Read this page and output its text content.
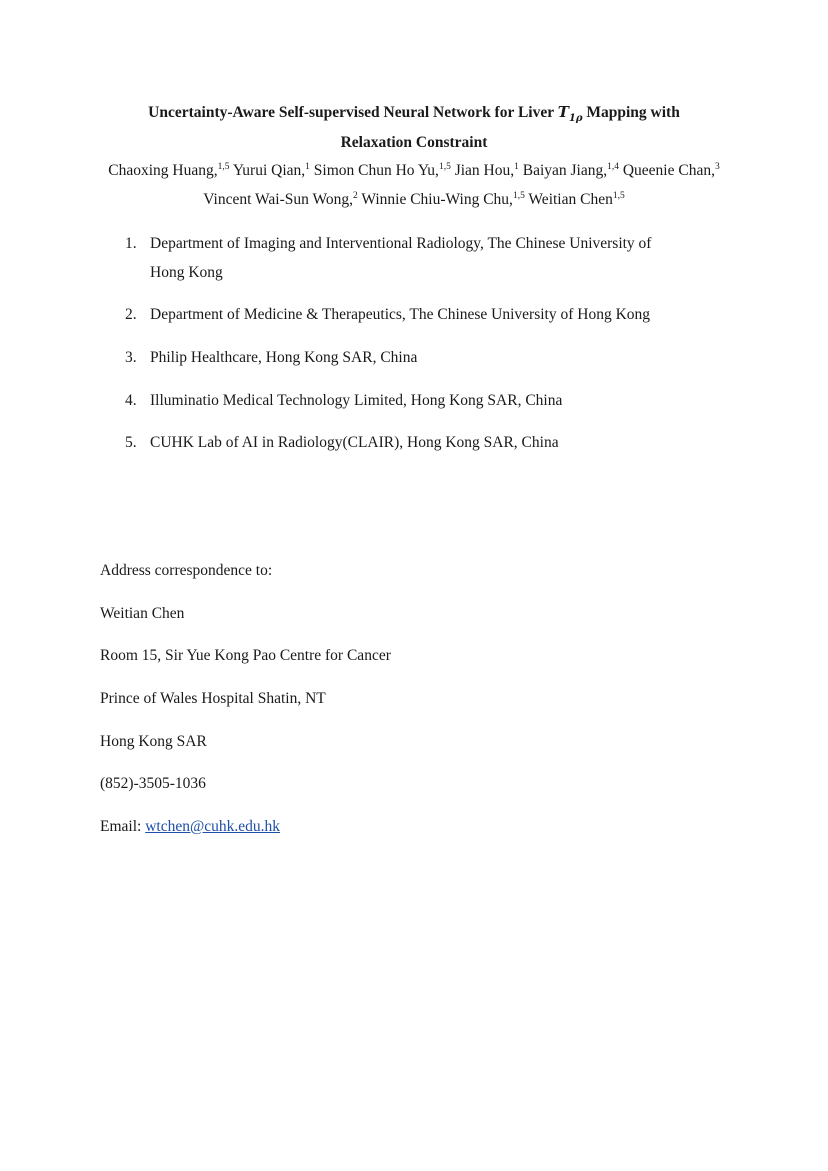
Uncertainty-Aware Self-supervised Neural Network for Liver $T_{1\rho}$ Mapping with
Relaxation Constraint
Chaoxing Huang,$^{1,5}$ Yurui Qian,$^1$ Simon Chun Ho Yu,$^{1,5}$ Jian Hou,$^1$ Baiyan Jiang,$^{1,4}$ Queenie Chan,$^3$ Vincent Wai-Sun Wong,$^2$ Winnie Chiu-Wing Chu,$^{1,5}$ Weitian Chen$^{1,5}$
1. Department of Imaging and Interventional Radiology, The Chinese University of
Hong Kong
2. Department of Medicine & Therapeutics, The Chinese University of Hong Kong
3. Philip Healthcare, Hong Kong SAR, China
4. Illuminatio Medical Technology Limited, Hong Kong SAR, China
5. CUHK Lab of AI in Radiology(CLAIR), Hong Kong SAR, China
Address correspondence to:
Weitian Chen
Room 15, Sir Yue Kong Pao Centre for Cancer
Prince of Wales Hospital Shatin, NT
Hong Kong SAR
(852)-3505-1036
Email: wtchen@cuhk.edu.hk
